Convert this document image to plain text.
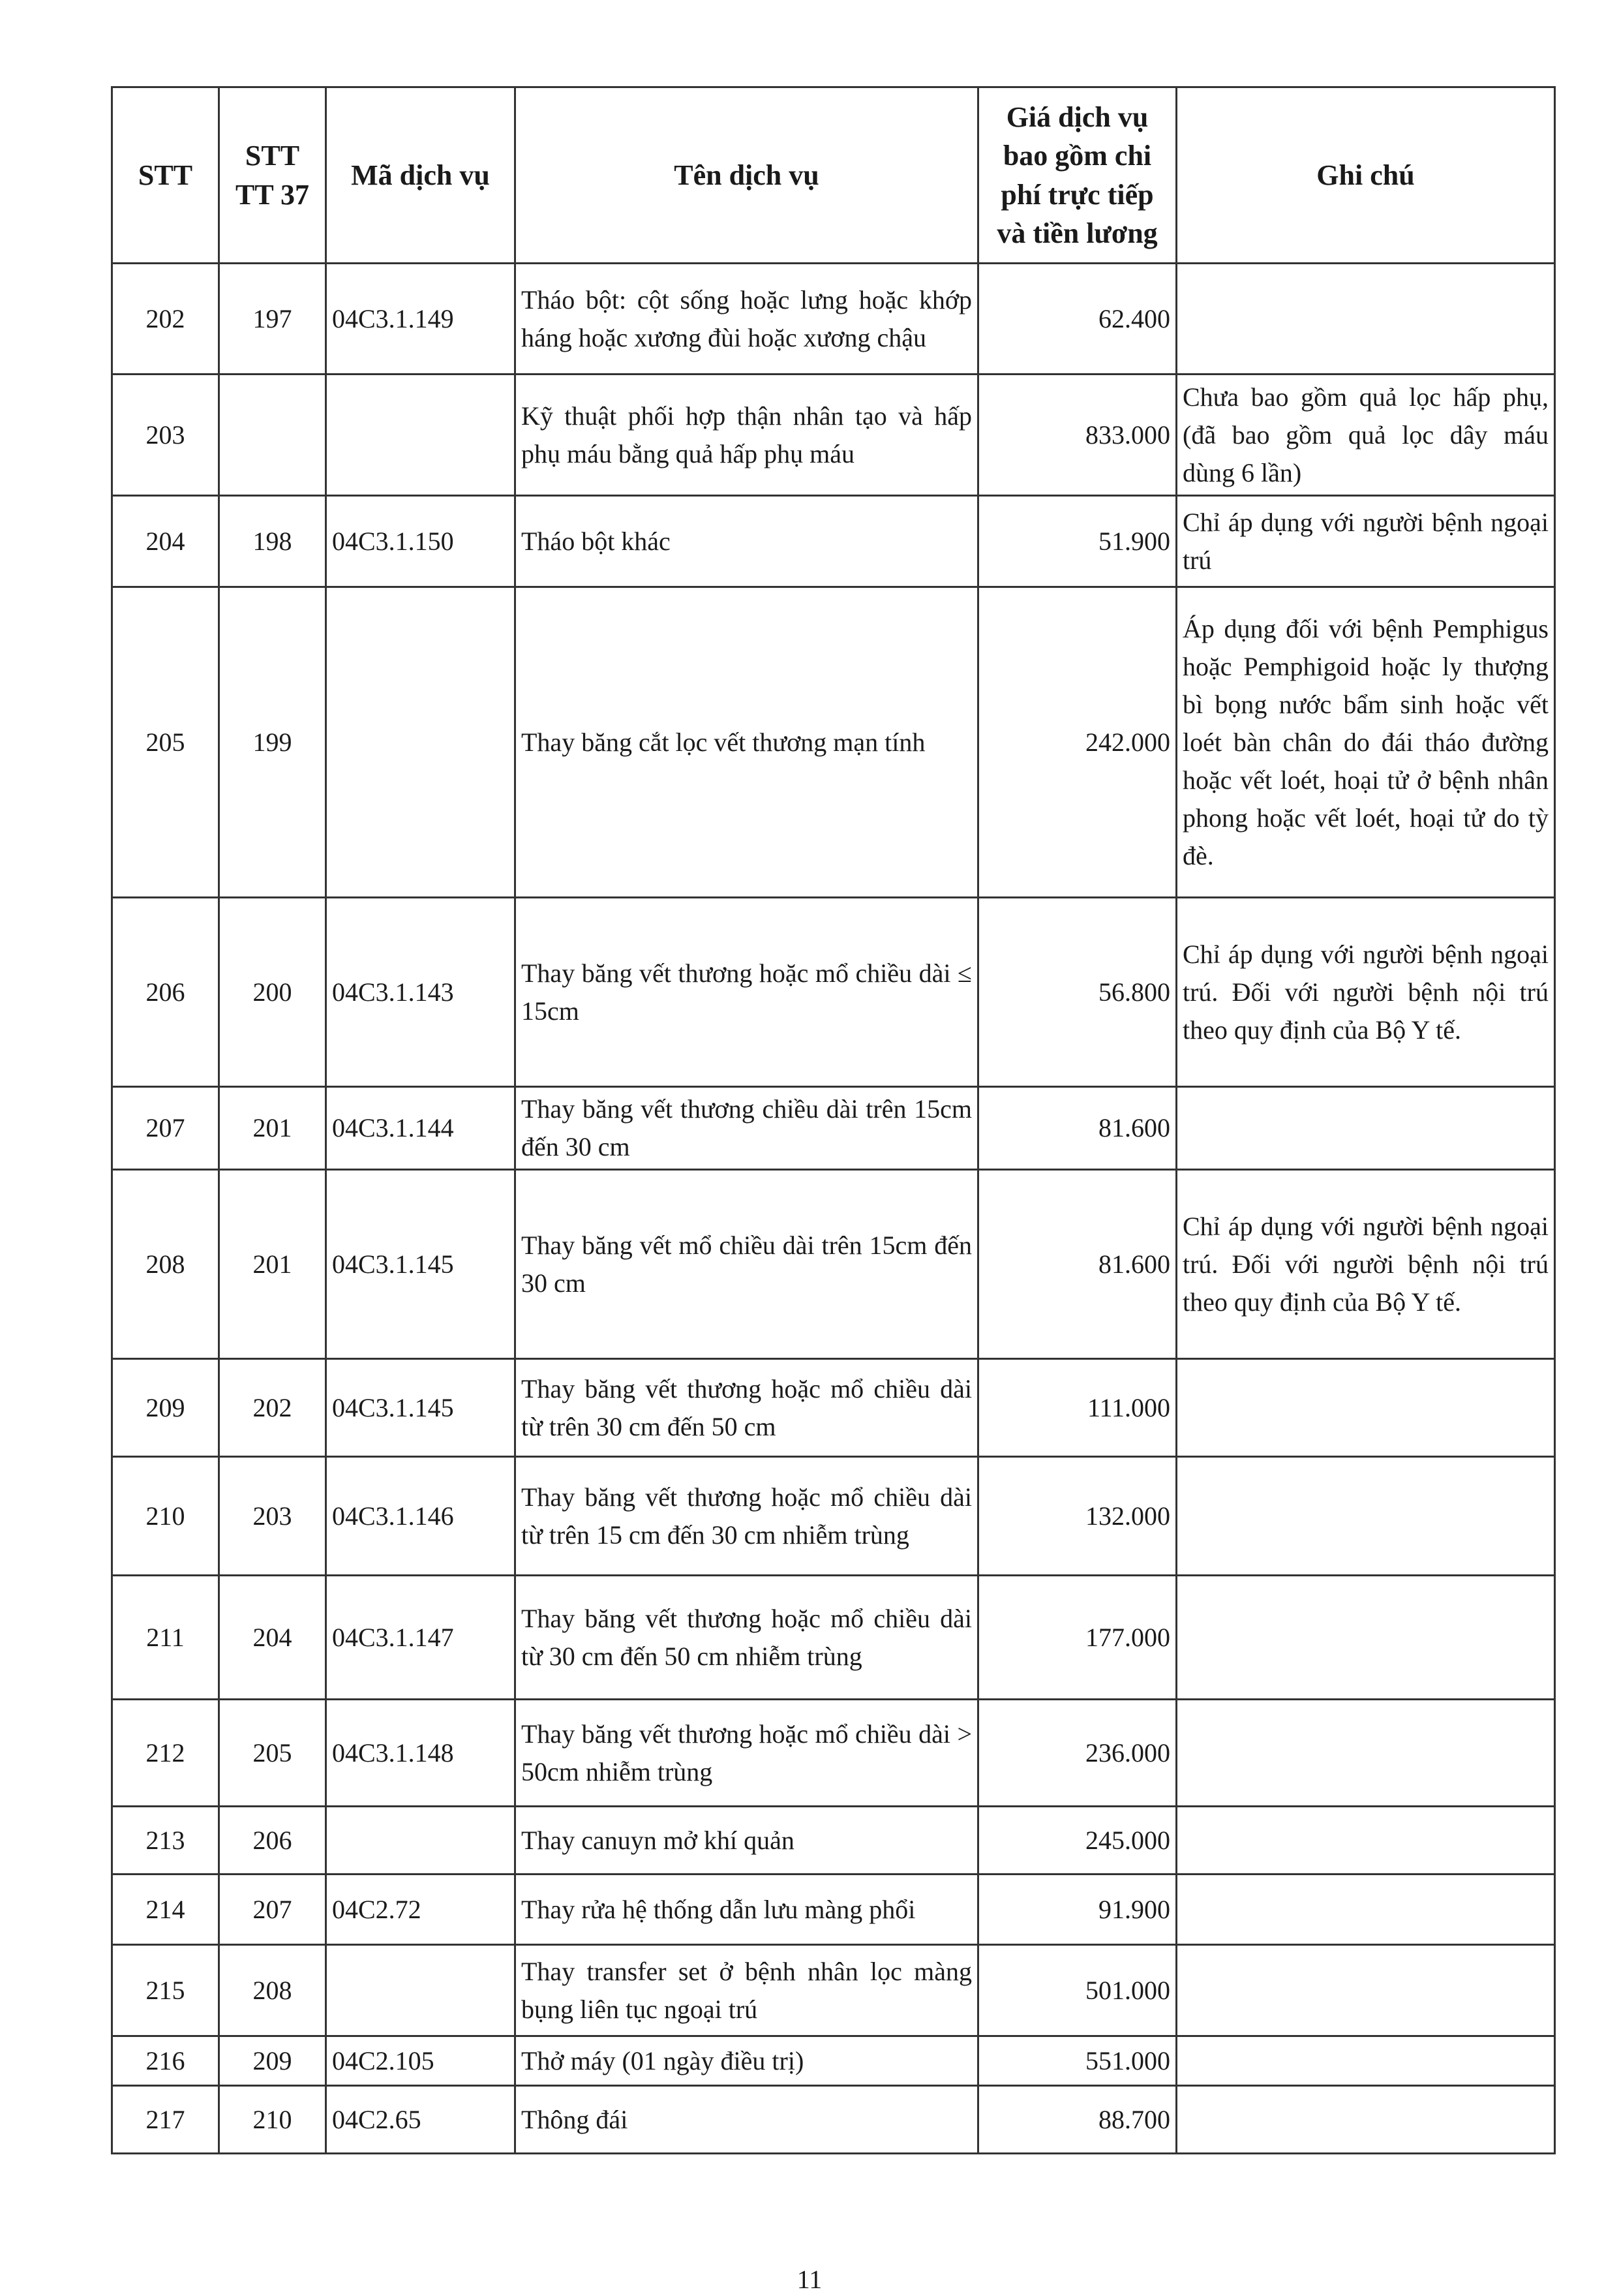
STT	STT TT 37	Mã dịch vụ	Tên dịch vụ	Giá dịch vụ bao gồm chi phí trực tiếp và tiền lương	Ghi chú
202	197	04C3.1.149	Tháo bột: cột sống hoặc lưng hoặc khớp háng hoặc xương đùi hoặc xương chậu	62.400	
203			Kỹ thuật phối hợp thận nhân tạo và hấp phụ máu bằng quả hấp phụ máu	833.000	Chưa bao gồm quả lọc hấp phụ, (đã bao gồm quả lọc dây máu dùng 6 lần)
204	198	04C3.1.150	Tháo bột khác	51.900	Chỉ áp dụng với người bệnh ngoại trú
205	199		Thay băng cắt lọc vết thương mạn tính	242.000	Áp dụng đối với bệnh Pemphigus hoặc Pemphigoid hoặc ly thượng bì bọng nước bẩm sinh hoặc vết loét bàn chân do đái tháo đường hoặc vết loét, hoại tử ở bệnh nhân phong hoặc vết loét, hoại tử do tỳ đè.
206	200	04C3.1.143	Thay băng vết thương hoặc mổ chiều dài ≤ 15cm	56.800	Chỉ áp dụng với người bệnh ngoại trú. Đối với người bệnh nội trú theo quy định của Bộ Y tế.
207	201	04C3.1.144	Thay băng vết thương chiều dài trên 15cm đến 30 cm	81.600	
208	201	04C3.1.145	Thay băng vết mổ chiều dài trên 15cm đến 30 cm	81.600	Chỉ áp dụng với người bệnh ngoại trú. Đối với người bệnh nội trú theo quy định của Bộ Y tế.
209	202	04C3.1.145	Thay băng vết thương hoặc mổ chiều dài từ trên 30 cm đến 50 cm	111.000	
210	203	04C3.1.146	Thay băng vết thương hoặc mổ chiều dài từ trên 15 cm đến 30 cm nhiễm trùng	132.000	
211	204	04C3.1.147	Thay băng vết thương hoặc mổ chiều dài từ 30 cm đến 50 cm nhiễm trùng	177.000	
212	205	04C3.1.148	Thay băng vết thương hoặc mổ chiều dài > 50cm nhiễm trùng	236.000	
213	206		Thay canuyn mở khí quản	245.000	
214	207	04C2.72	Thay rửa hệ thống dẫn lưu màng phổi	91.900	
215	208		Thay transfer set ở bệnh nhân lọc màng bụng liên tục ngoại trú	501.000	
216	209	04C2.105	Thở máy (01 ngày điều trị)	551.000	
217	210	04C2.65	Thông đái	88.700	
11
